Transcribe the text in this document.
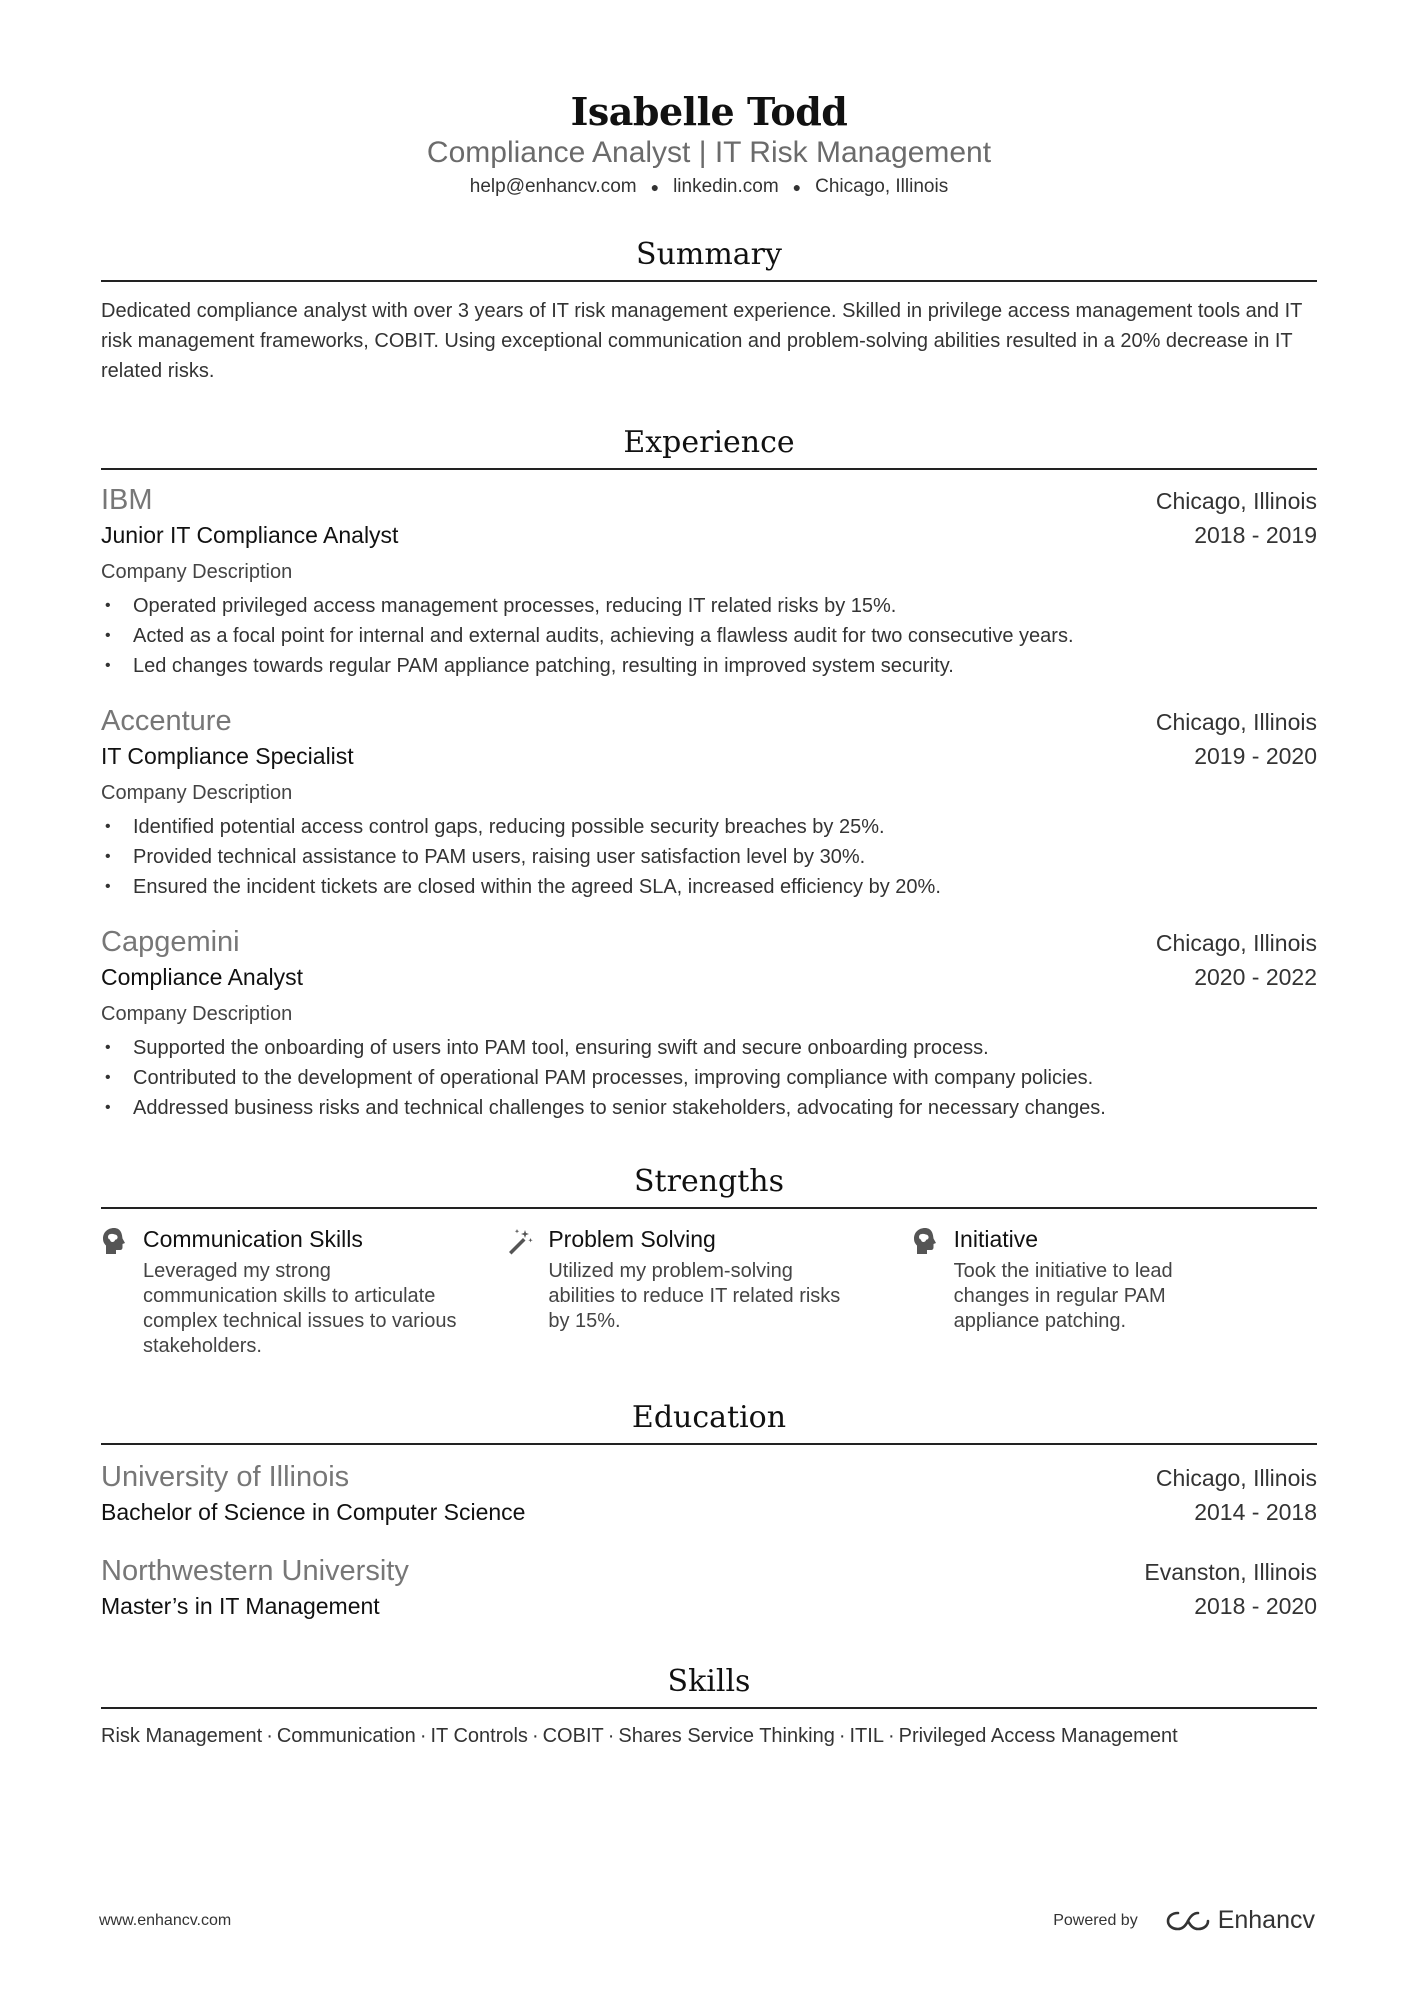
Isabelle Todd
Compliance Analyst | IT Risk Management
help@enhancv.com ● linkedin.com ● Chicago, Illinois
Summary
Dedicated compliance analyst with over 3 years of IT risk management experience. Skilled in privilege access management tools and IT risk management frameworks, COBIT. Using exceptional communication and problem-solving abilities resulted in a 20% decrease in IT related risks.
Experience
IBM	Chicago, Illinois
Junior IT Compliance Analyst	2018 - 2019
Company Description
• Operated privileged access management processes, reducing IT related risks by 15%.
• Acted as a focal point for internal and external audits, achieving a flawless audit for two consecutive years.
• Led changes towards regular PAM appliance patching, resulting in improved system security.
Accenture	Chicago, Illinois
IT Compliance Specialist	2019 - 2020
Company Description
• Identified potential access control gaps, reducing possible security breaches by 25%.
• Provided technical assistance to PAM users, raising user satisfaction level by 30%.
• Ensured the incident tickets are closed within the agreed SLA, increased efficiency by 20%.
Capgemini	Chicago, Illinois
Compliance Analyst	2020 - 2022
Company Description
• Supported the onboarding of users into PAM tool, ensuring swift and secure onboarding process.
• Contributed to the development of operational PAM processes, improving compliance with company policies.
• Addressed business risks and technical challenges to senior stakeholders, advocating for necessary changes.
Strengths
Communication Skills
Leveraged my strong communication skills to articulate complex technical issues to various stakeholders.
Problem Solving
Utilized my problem-solving abilities to reduce IT related risks by 15%.
Initiative
Took the initiative to lead changes in regular PAM appliance patching.
Education
University of Illinois	Chicago, Illinois
Bachelor of Science in Computer Science	2014 - 2018
Northwestern University	Evanston, Illinois
Master’s in IT Management	2018 - 2020
Skills
Risk Management · Communication · IT Controls · COBIT · Shares Service Thinking · ITIL · Privileged Access Management
www.enhancv.com	Powered by	Enhancv
